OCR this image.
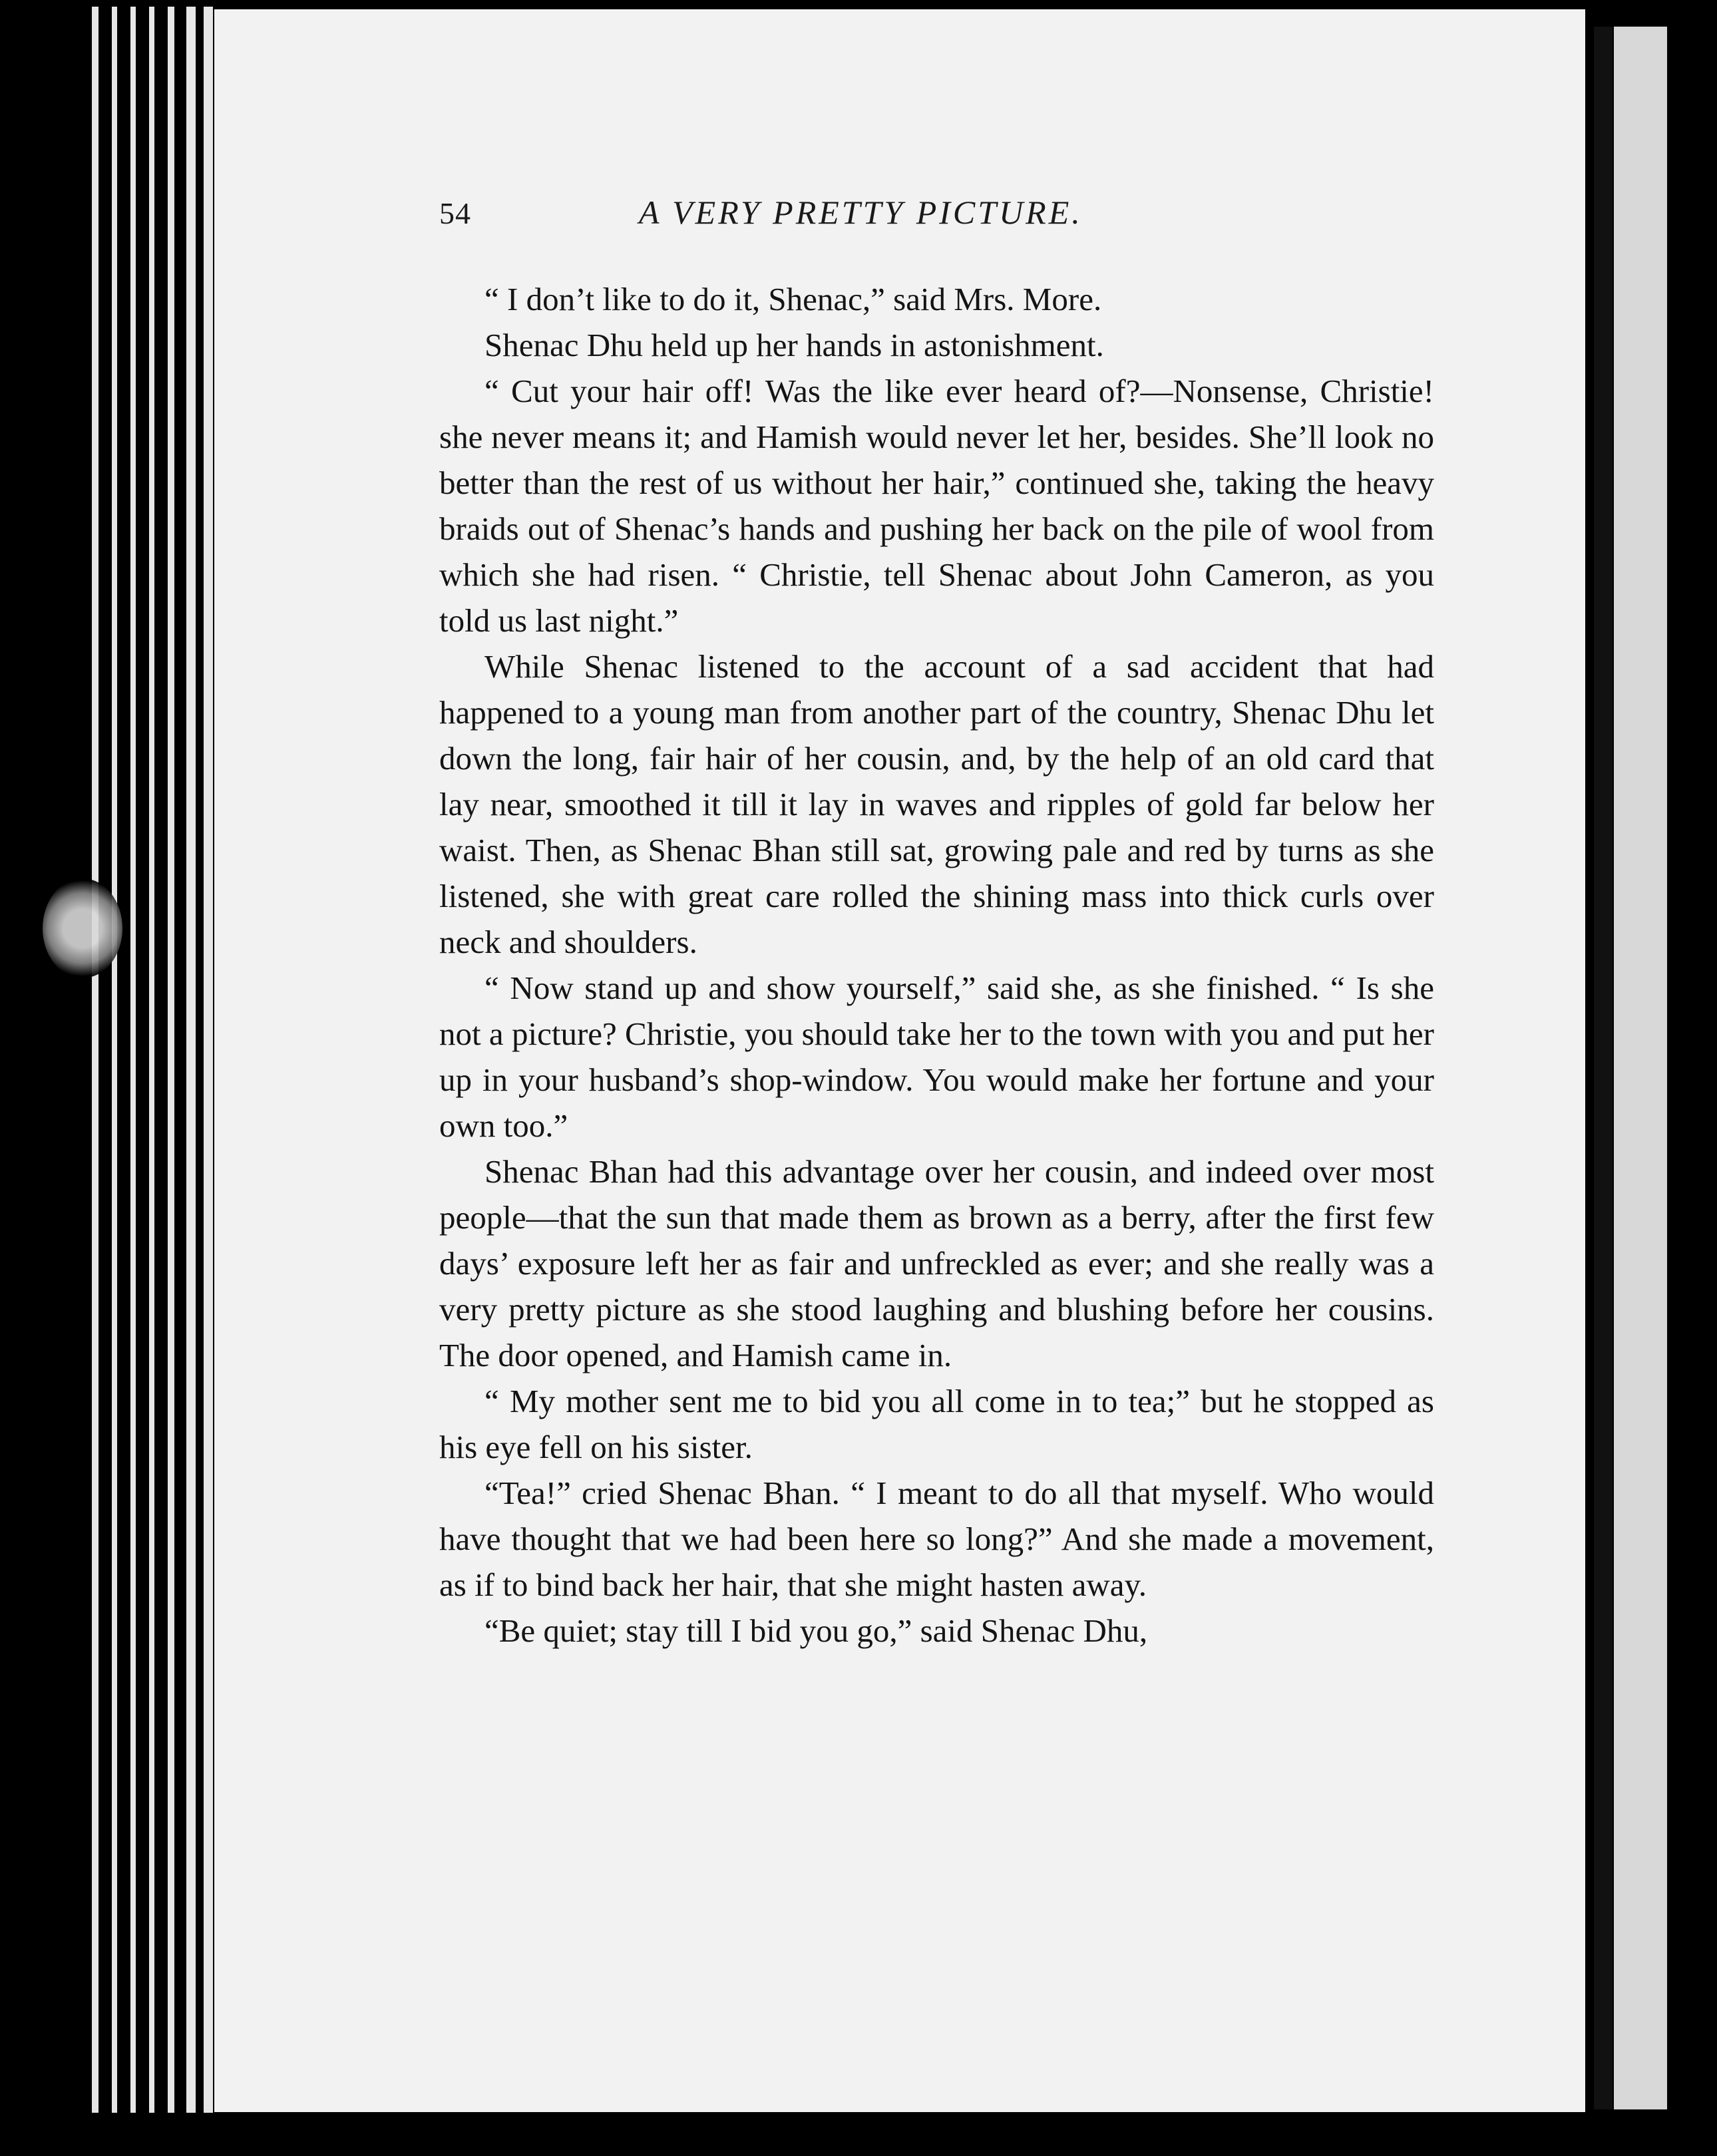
54	A VERY PRETTY PICTURE.

“ I don’t like to do it, Shenac,” said Mrs. More.

Shenac Dhu held up her hands in astonishment.

“ Cut your hair off! Was the like ever heard of?—Nonsense, Christie! she never means it; and Hamish would never let her, besides. She’ll look no better than the rest of us without her hair,” continued she, taking the heavy braids out of Shenac’s hands and pushing her back on the pile of wool from which she had risen. “ Christie, tell Shenac about John Cameron, as you told us last night.”

While Shenac listened to the account of a sad accident that had happened to a young man from another part of the country, Shenac Dhu let down the long, fair hair of her cousin, and, by the help of an old card that lay near, smoothed it till it lay in waves and ripples of gold far below her waist. Then, as Shenac Bhan still sat, growing pale and red by turns as she listened, she with great care rolled the shining mass into thick curls over neck and shoulders.

“ Now stand up and show yourself,” said she, as she finished. “ Is she not a picture? Christie, you should take her to the town with you and put her up in your husband’s shop-window. You would make her fortune and your own too.”

Shenac Bhan had this advantage over her cousin, and indeed over most people—that the sun that made them as brown as a berry, after the first few days’ exposure left her as fair and unfreckled as ever; and she really was a very pretty picture as she stood laughing and blushing before her cousins. The door opened, and Hamish came in.

“ My mother sent me to bid you all come in to tea;” but he stopped as his eye fell on his sister.

“Tea!” cried Shenac Bhan. “ I meant to do all that myself. Who would have thought that we had been here so long?” And she made a movement, as if to bind back her hair, that she might hasten away.

“Be quiet; stay till I bid you go,” said Shenac Dhu,
